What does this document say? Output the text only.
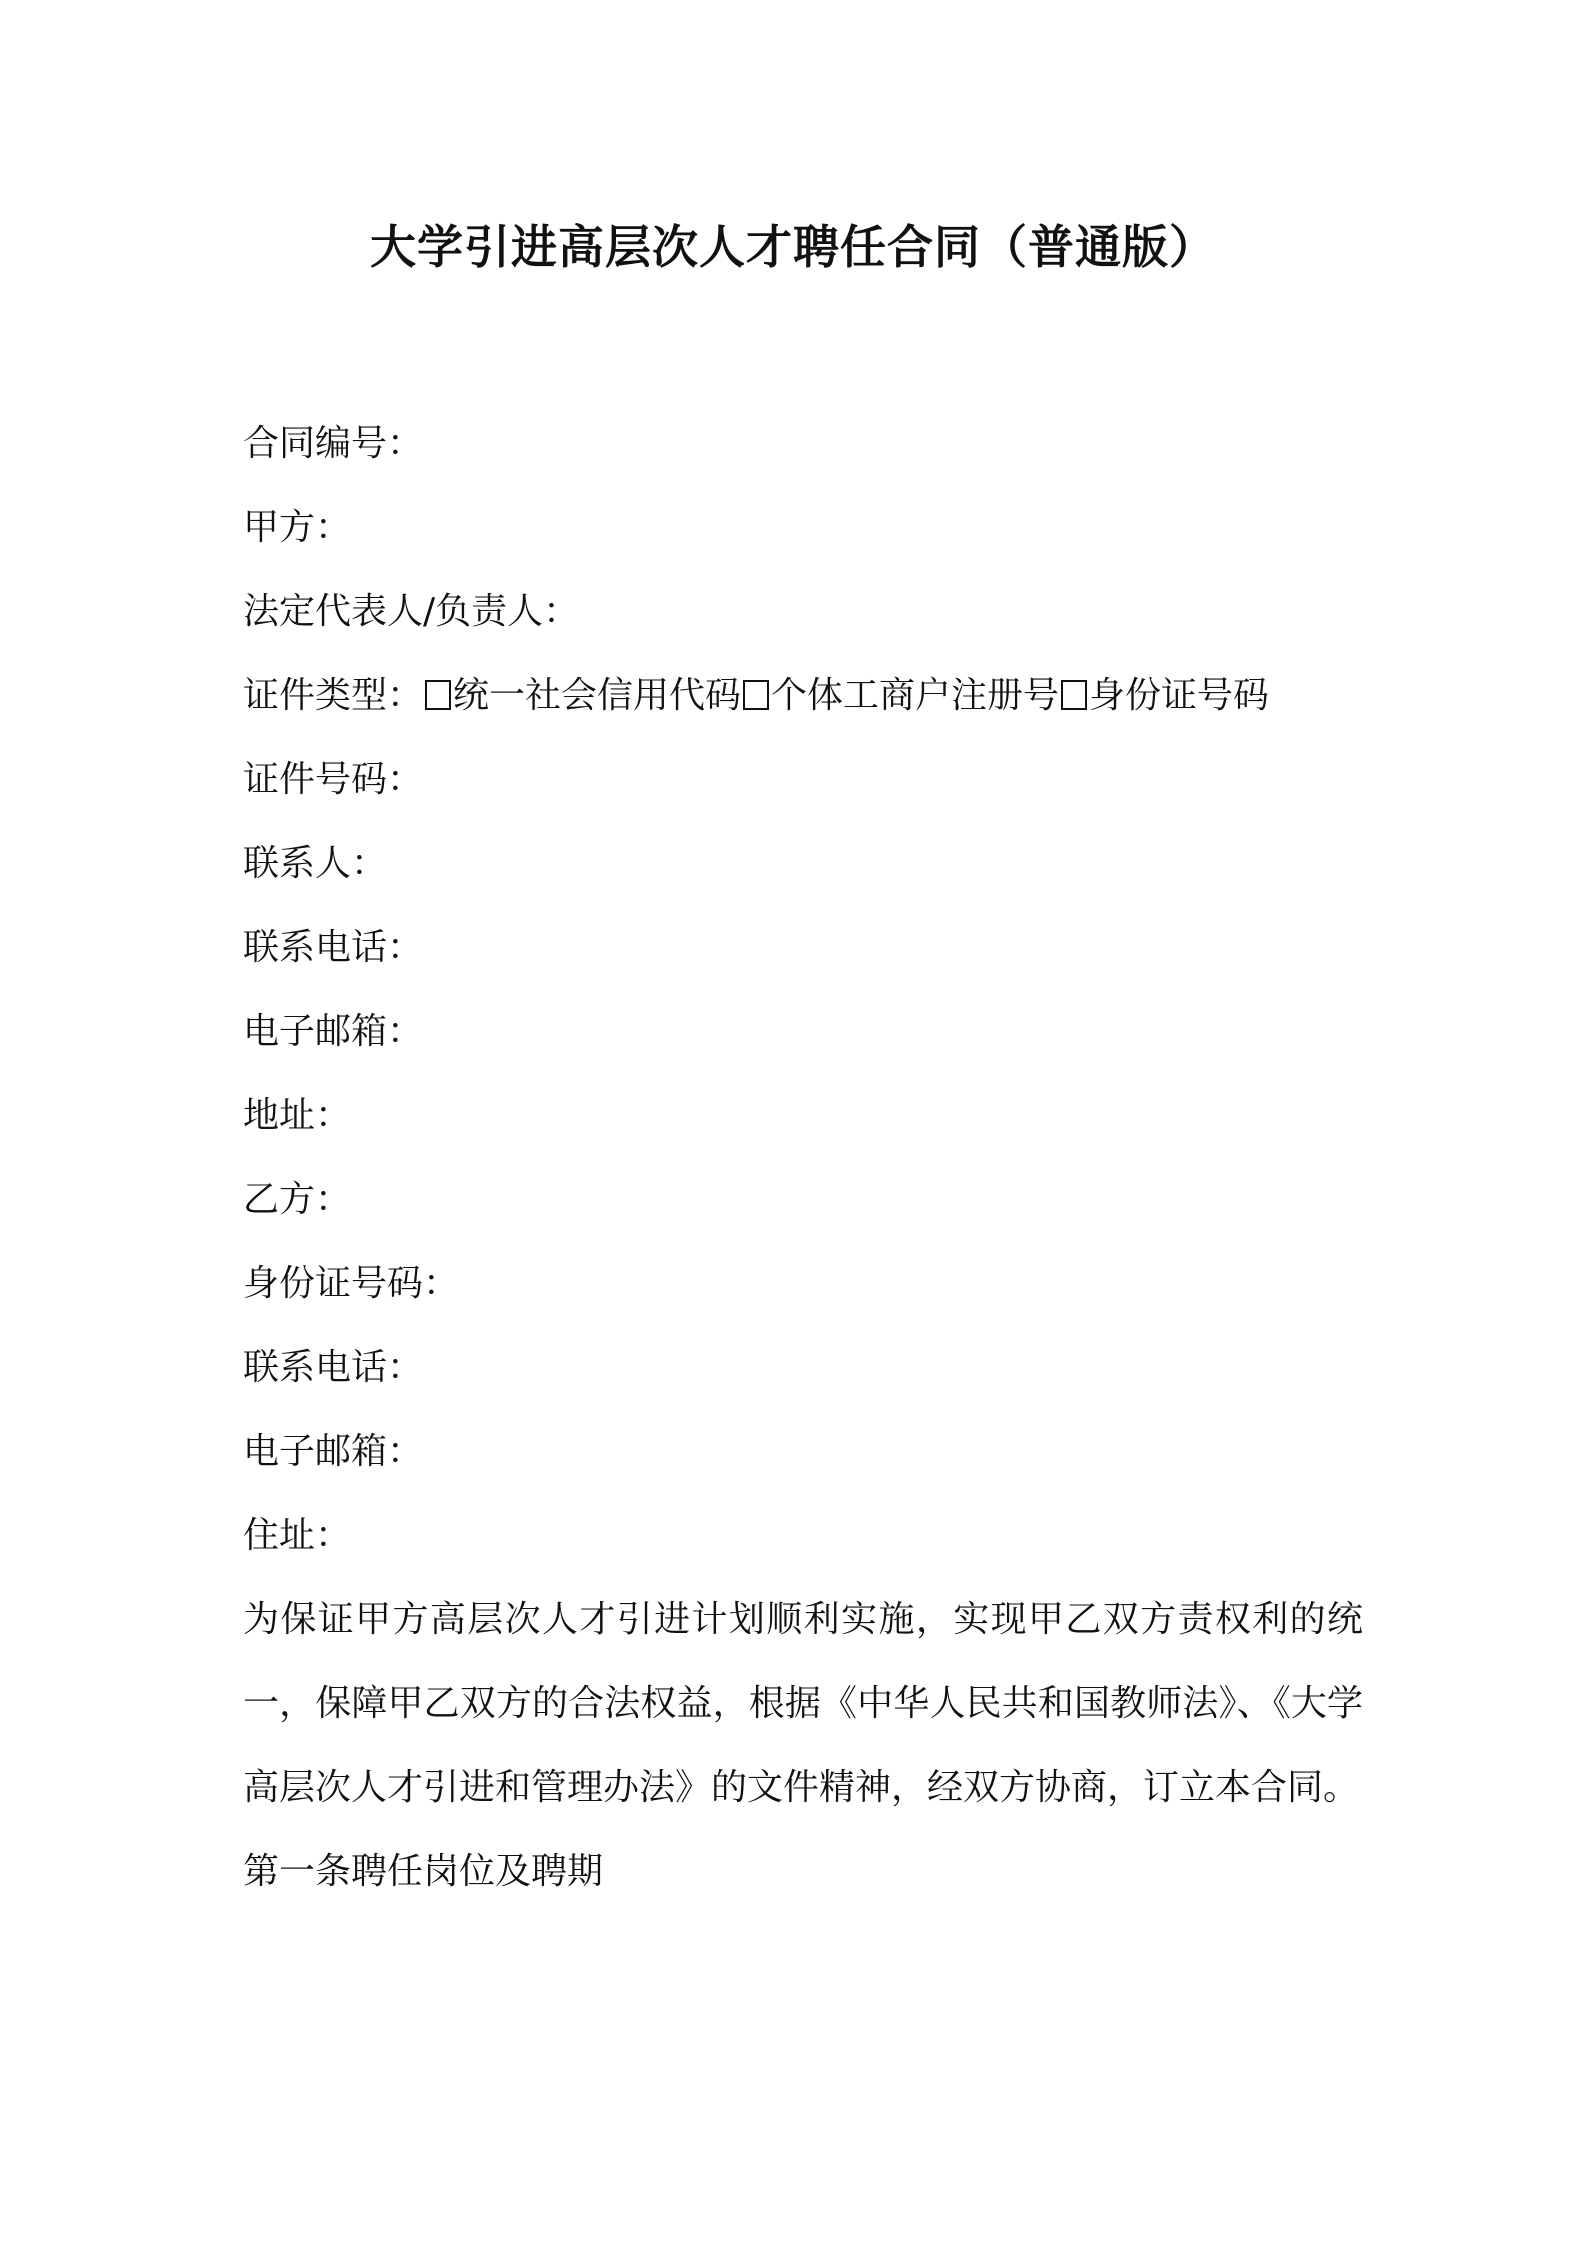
大学引进高层次人才聘任合同（普通版）
合同编号：
甲方：
法定代表人/负责人：
证件类型： 统一社会信用代码 个体工商户注册号 身份证号码
证件号码：
联系人：
联系电话：
电子邮箱：
地址：
乙方：
身份证号码：
联系电话：
电子邮箱：
住址：

为保证甲方高层次人才引进计划顺利实施，实现甲乙双方责权利的统一，保障甲乙双方的合法权益，根据《中华人民共和国教师法》、《大学高层次人才引进和管理办法》的文件精神，经双方协商，订立本合同。

第一条聘任岗位及聘期
